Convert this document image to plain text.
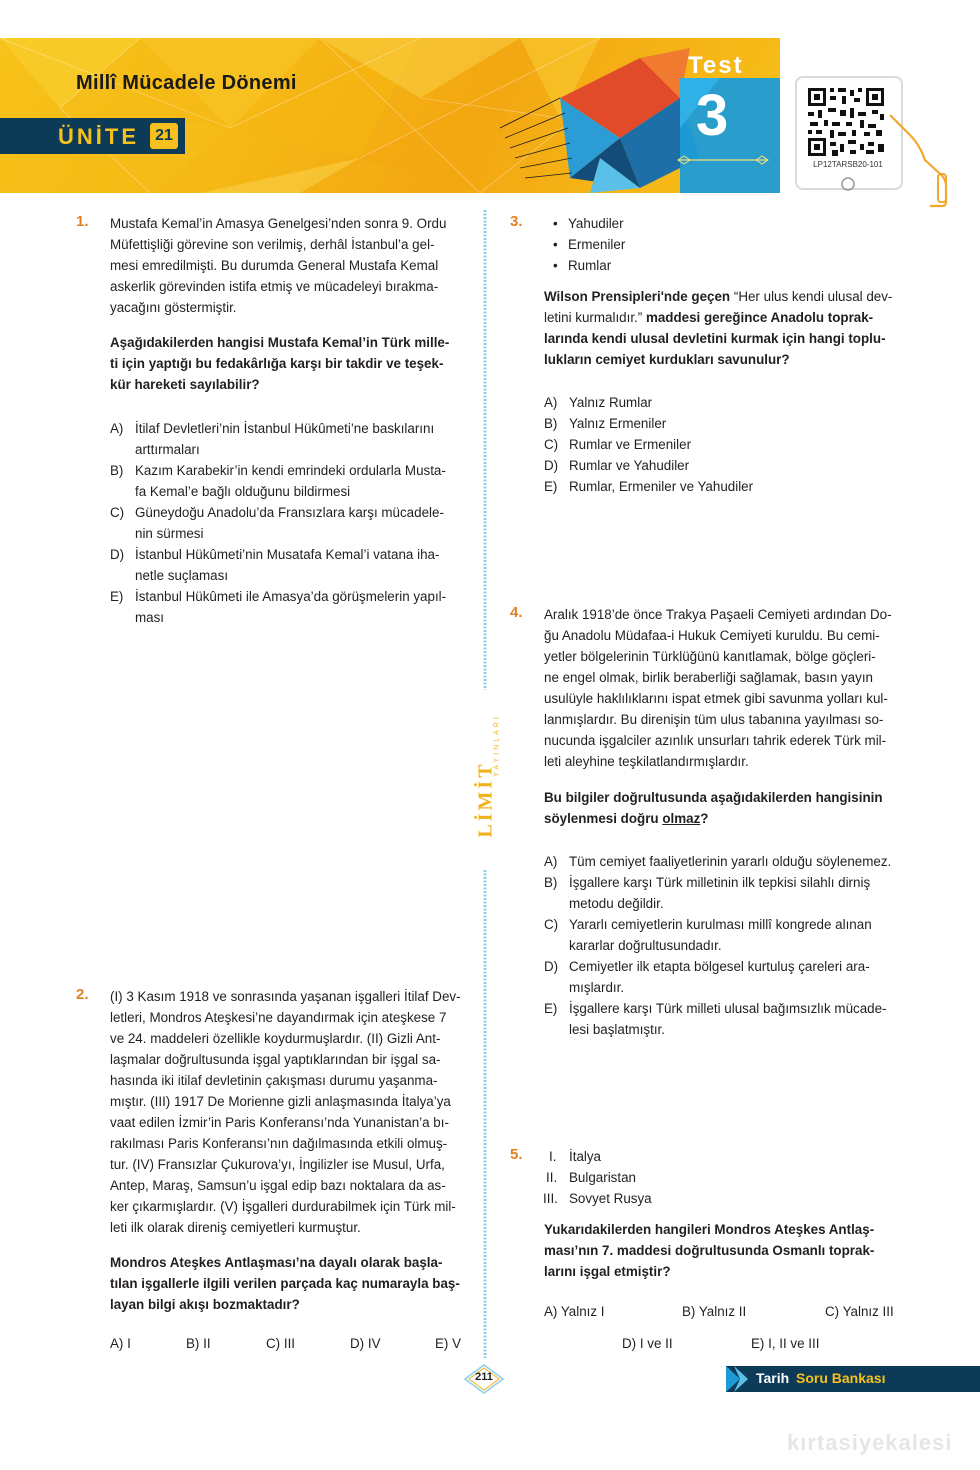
Millî Mücadele Dönemi
ÜNİTE	21
Test
3
LP12TARSB20-101
LİMİT
YAYINLARI
1. Mustafa Kemal’in Amasya Genelgesi’nden sonra 9. Ordu
Müfettişliği görevine son verilmiş, derhâl İstanbul’a gel-
mesi emredilmişti. Bu durumda General Mustafa Kemal
askerlik görevinden istifa etmiş ve mücadeleyi bırakma-
yacağını göstermiştir.
Aşağıdakilerden hangisi Mustafa Kemal’in Türk mille-
ti için yaptığı bu fedakârlığa karşı bir takdir ve teşek-
kür hareketi sayılabilir?
A) İtilaf Devletleri’nin İstanbul Hükûmeti’ne baskılarını
arttırmaları
B) Kazım Karabekir’in kendi emrindeki ordularla Musta-
fa Kemal’e bağlı olduğunu bildirmesi
C) Güneydoğu Anadolu’da Fransızlara karşı mücadele-
nin sürmesi
D) İstanbul Hükûmeti’nin Musatafa Kemal’i vatana iha-
netle suçlaması
E) İstanbul Hükûmeti ile Amasya’da görüşmelerin yapıl-
ması
2. (I) 3 Kasım 1918 ve sonrasında yaşanan işgalleri İtilaf Dev-
letleri, Mondros Ateşkesi’ne dayandırmak için ateşkese 7
ve 24. maddeleri özellikle koydurmuşlardır. (II) Gizli Ant-
laşmalar doğrultusunda işgal yaptıklarından bir işgal sa-
hasında iki itilaf devletinin çakışması durumu yaşanma-
mıştır. (III) 1917 De Morienne gizli anlaşmasında İtalya’ya
vaat edilen İzmir’in Paris Konferansı’nda Yunanistan’a bı-
rakılması Paris Konferansı’nın dağılmasında etkili olmuş-
tur. (IV) Fransızlar Çukurova’yı, İngilizler ise Musul, Urfa,
Antep, Maraş, Samsun’u işgal edip bazı noktalara da as-
ker çıkarmışlardır. (V) İşgalleri durdurabilmek için Türk mil-
leti ilk olarak direniş cemiyetleri kurmuştur.
Mondros Ateşkes Antlaşması’na dayalı olarak başla-
tılan işgallerle ilgili verilen parçada kaç numarayla baş-
layan bilgi akışı bozmaktadır?
A) I	B) II	C) III	D) IV	E) V
3. • Yahudiler
• Ermeniler
• Rumlar
Wilson Prensipleri'nde geçen “Her ulus kendi ulusal dev-
letini kurmalıdır.” maddesi gereğince Anadolu toprak-
larında kendi ulusal devletini kurmak için hangi toplu-
lukların cemiyet kurdukları savunulur?
A) Yalnız Rumlar
B) Yalnız Ermeniler
C) Rumlar ve Ermeniler
D) Rumlar ve Yahudiler
E) Rumlar, Ermeniler ve Yahudiler
4. Aralık 1918’de önce Trakya Paşaeli Cemiyeti ardından Do-
ğu Anadolu Müdafaa-i Hukuk Cemiyeti kuruldu. Bu cemi-
yetler bölgelerinin Türklüğünü kanıtlamak, bölge göçleri-
ne engel olmak, birlik beraberliği sağlamak, basın yayın
usulüyle haklılıklarını ispat etmek gibi savunma yolları kul-
lanmışlardır. Bu direnişin tüm ulus tabanına yayılması so-
nucunda işgalciler azınlık unsurları tahrik ederek Türk mil-
leti aleyhine teşkilatlandırmışlardır.
Bu bilgiler doğrultusunda aşağıdakilerden hangisinin
söylenmesi doğru olmaz?
A) Tüm cemiyet faaliyetlerinin yararlı olduğu söylenemez.
B) İşgallere karşı Türk milletinin ilk tepkisi silahlı dirniş
metodu değildir.
C) Yararlı cemiyetlerin kurulması millî kongrede alınan
kararlar doğrultusundadır.
D) Cemiyetler ilk etapta bölgesel kurtuluş çareleri ara-
mışlardır.
E) İşgallere karşı Türk milleti ulusal bağımsızlık mücade-
lesi başlatmıştır.
5. I. İtalya
II. Bulgaristan
III. Sovyet Rusya
Yukarıdakilerden hangileri Mondros Ateşkes Antlaş-
ması’nın 7. maddesi doğrultusunda Osmanlı toprak-
larını işgal etmiştir?
A) Yalnız I	B) Yalnız II	C) Yalnız III
D) I ve II	E) I, II ve III
211	Tarih Soru Bankası
kırtasiyekalesi
